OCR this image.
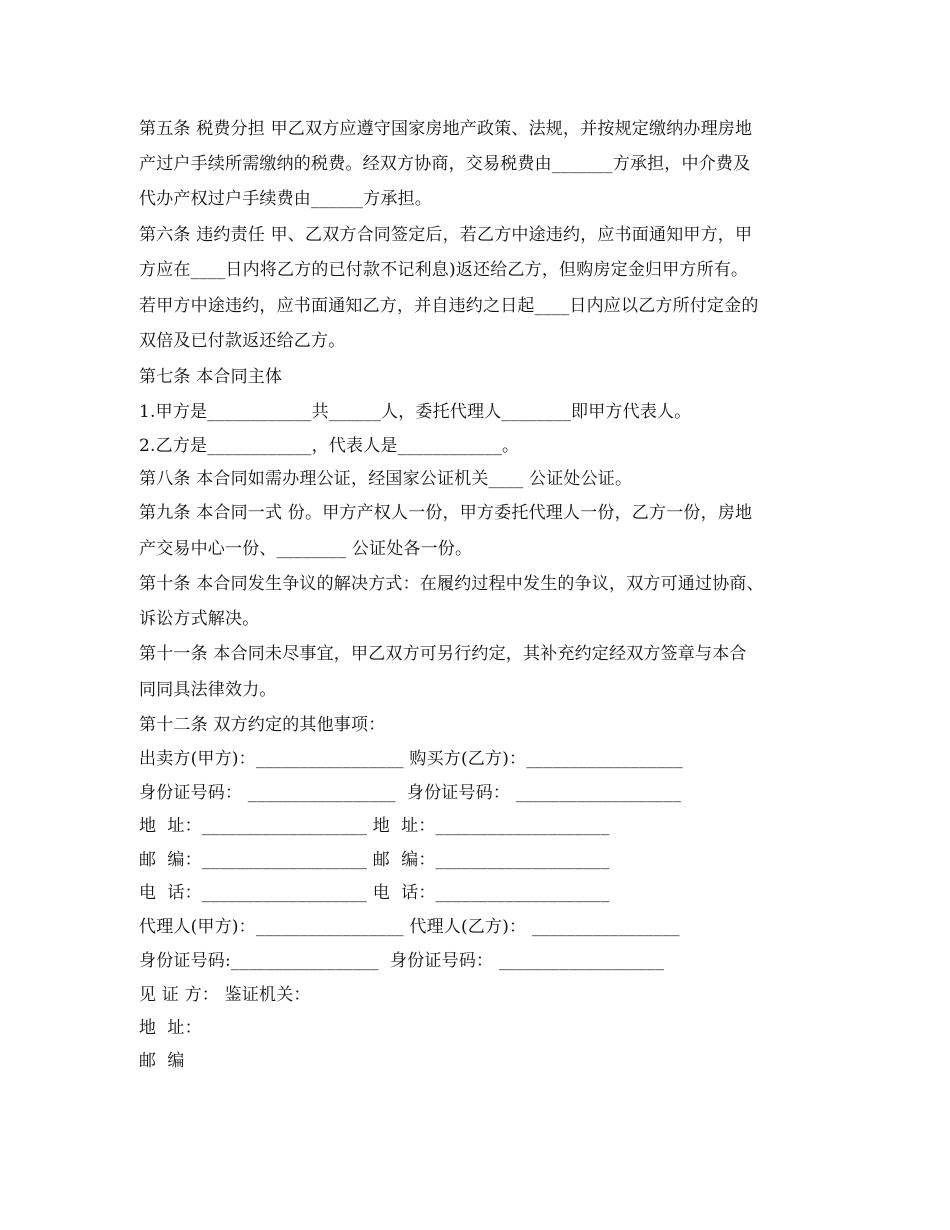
第五条 税费分担 甲乙双方应遵守国家房地产政策、法规，并按规定缴纳办理房地
产过户手续所需缴纳的税费。经双方协商，交易税费由_______方承担，中介费及
代办产权过户手续费由______方承担。
第六条 违约责任 甲、乙双方合同签定后，若乙方中途违约，应书面通知甲方，甲
方应在____日内将乙方的已付款不记利息)返还给乙方，但购房定金归甲方所有。
若甲方中途违约，应书面通知乙方，并自违约之日起____日内应以乙方所付定金的
双倍及已付款返还给乙方。
第七条 本合同主体
1.甲方是____________共______人，委托代理人________即甲方代表人。
2.乙方是____________，代表人是____________。
第八条 本合同如需办理公证，经国家公证机关____ 公证处公证。
第九条 本合同一式 份。甲方产权人一份，甲方委托代理人一份，乙方一份，房地
产交易中心一份、________ 公证处各一份。
第十条 本合同发生争议的解决方式：在履约过程中发生的争议，双方可通过协商、
诉讼方式解决。
第十一条 本合同未尽事宜，甲乙双方可另行约定，其补充约定经双方签章与本合
同同具法律效力。
第十二条 双方约定的其他事项：
出卖方(甲方)：_________________ 购买方(乙方)：__________________
身份证号码： _________________  身份证号码： ___________________
地  址：___________________ 地  址：____________________
邮  编：___________________ 邮  编：____________________
电  话：___________________ 电  话：____________________
代理人(甲方)：_________________ 代理人(乙方)： _________________
身份证号码:_________________  身份证号码： ___________________
见 证 方： 鉴证机关：
地  址：
邮  编
